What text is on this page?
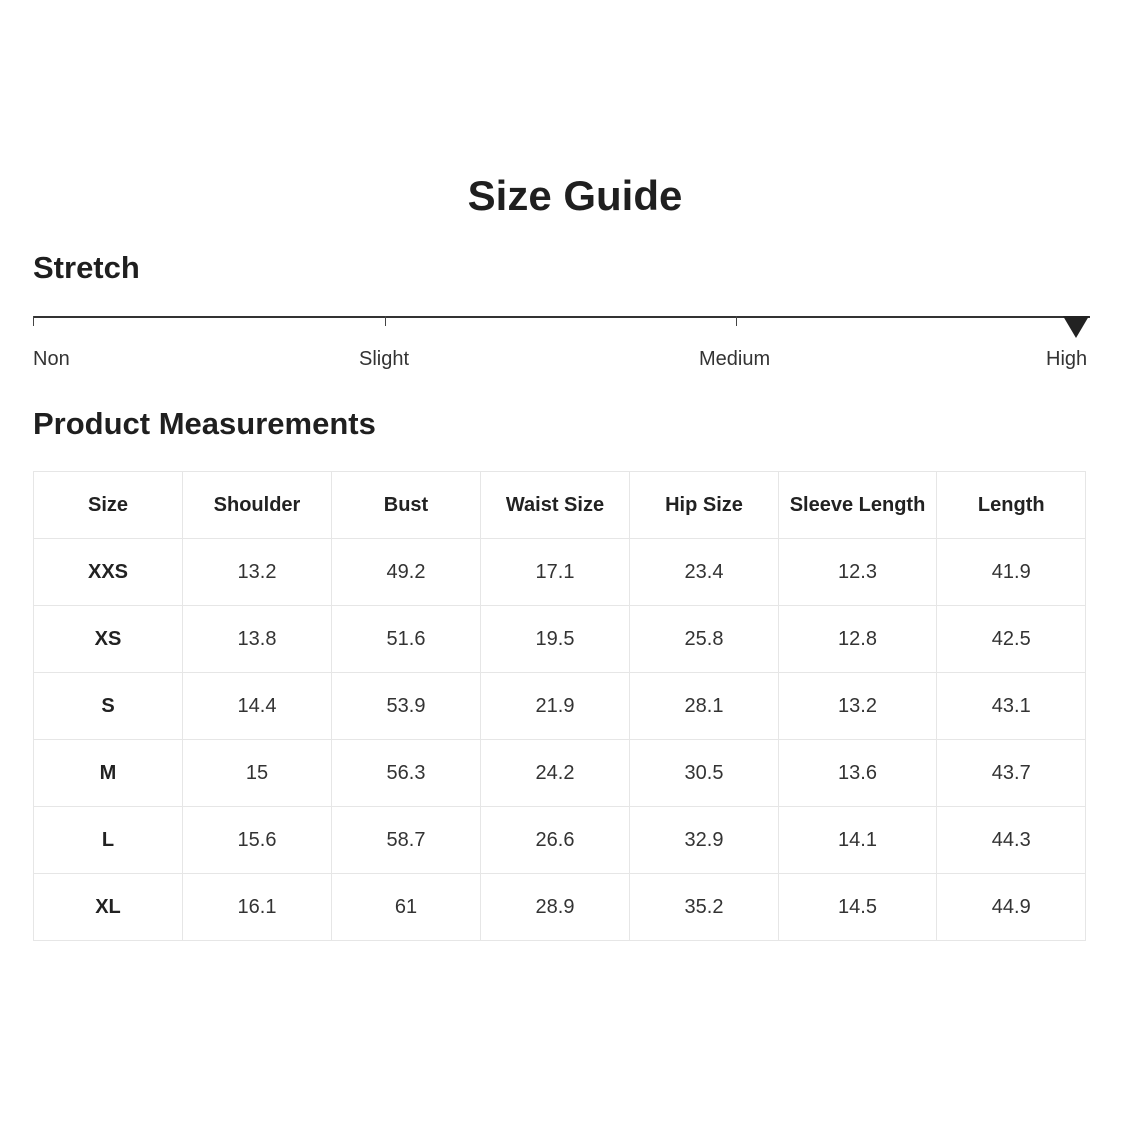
Size Guide
Stretch
Non	Slight	Medium	High
Product Measurements
Size	Shoulder	Bust	Waist Size	Hip Size	Sleeve Length	Length
XXS	13.2	49.2	17.1	23.4	12.3	41.9
XS	13.8	51.6	19.5	25.8	12.8	42.5
S	14.4	53.9	21.9	28.1	13.2	43.1
M	15	56.3	24.2	30.5	13.6	43.7
L	15.6	58.7	26.6	32.9	14.1	44.3
XL	16.1	61	28.9	35.2	14.5	44.9
